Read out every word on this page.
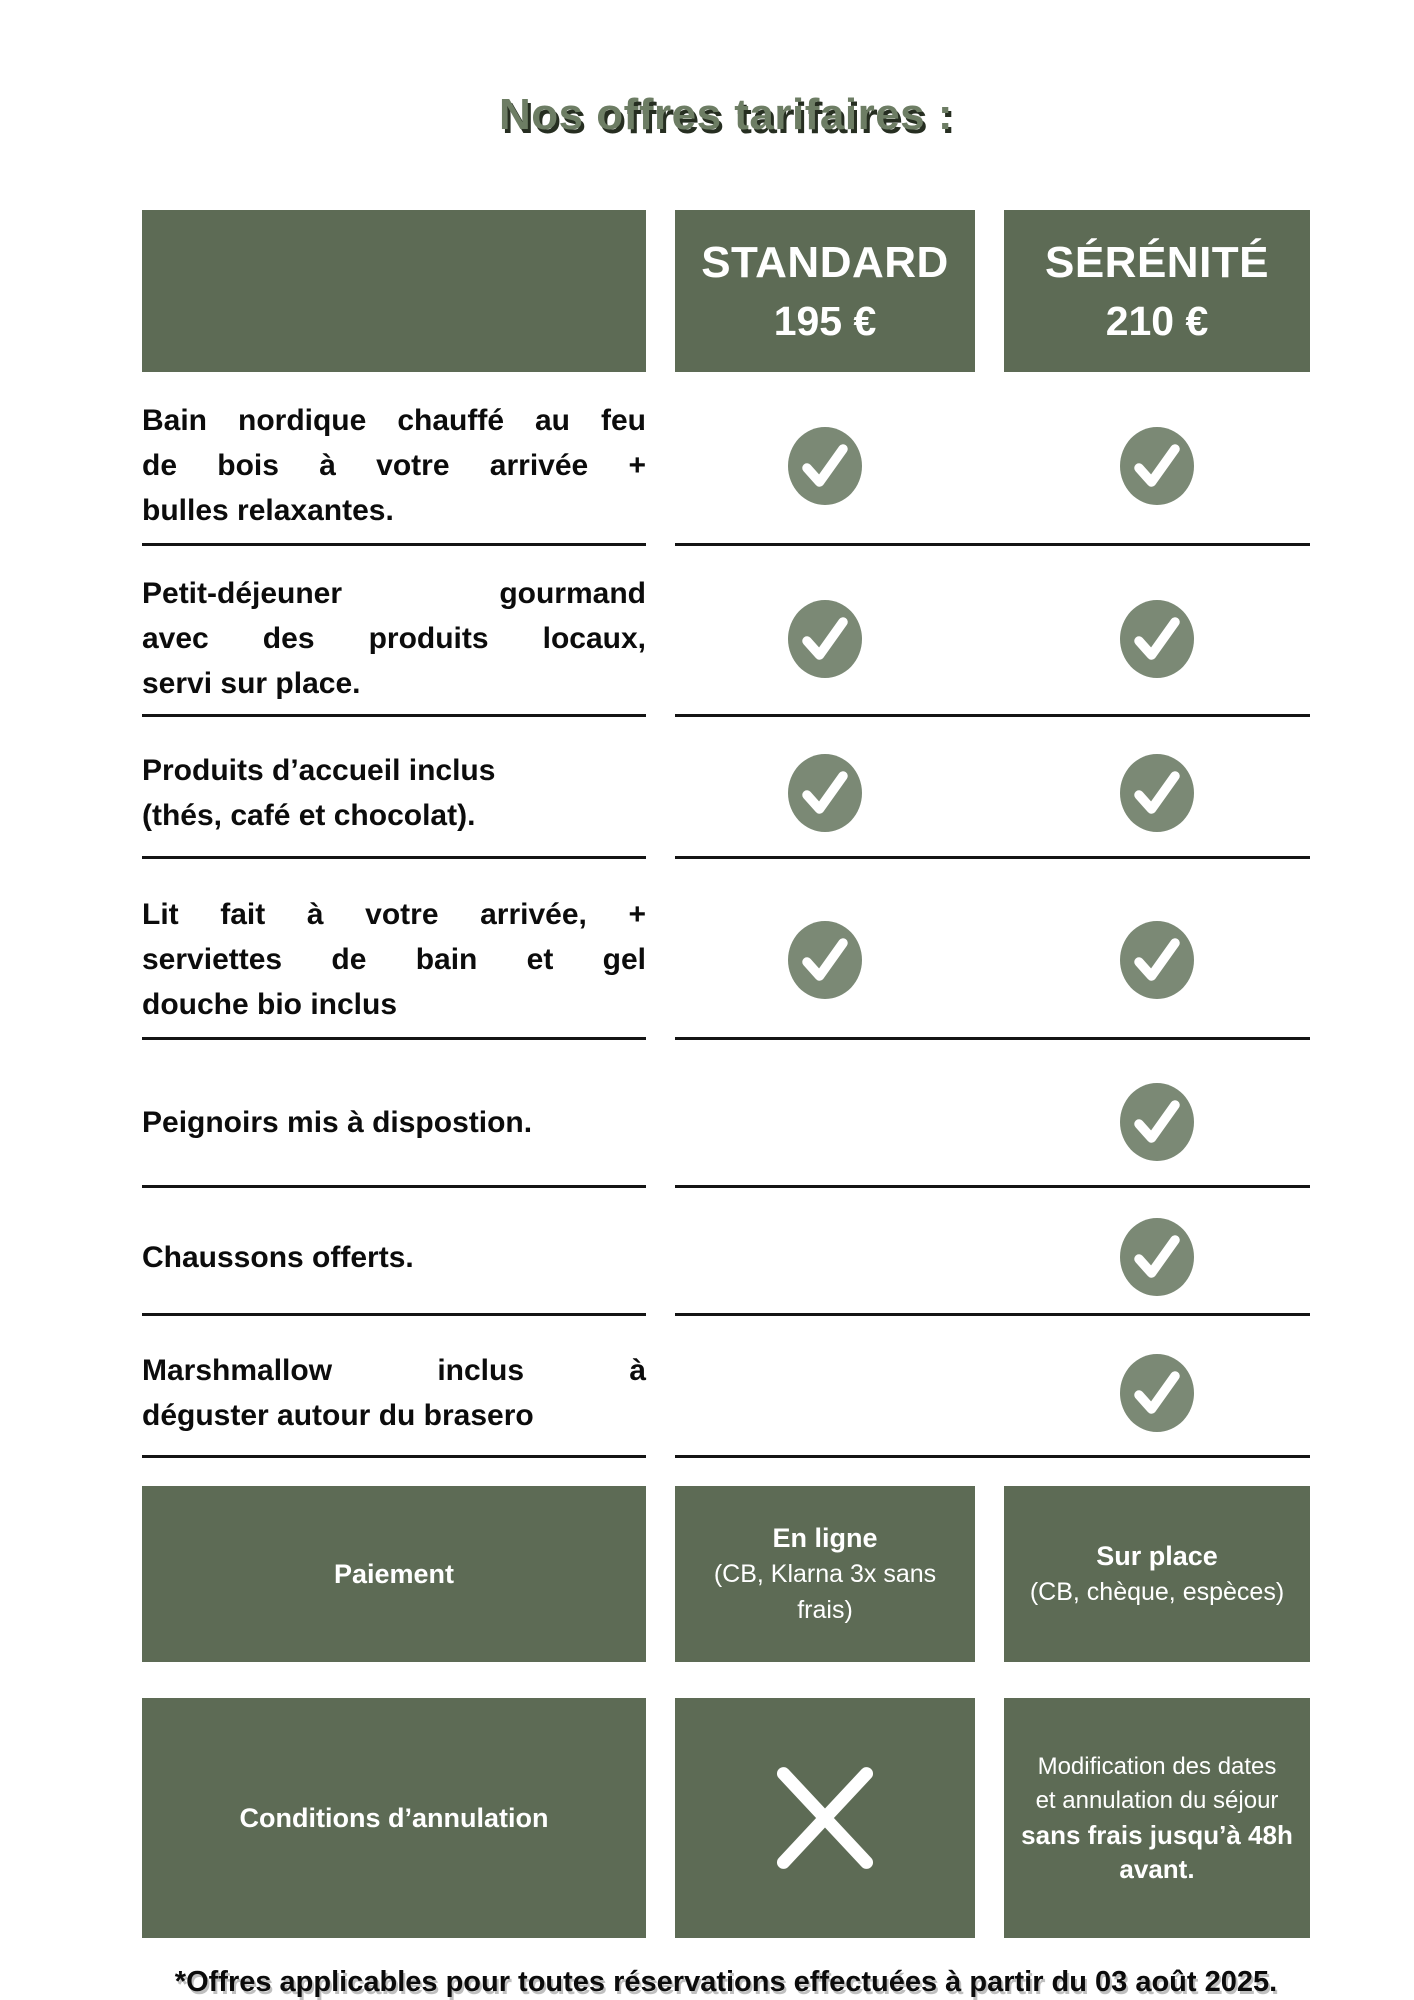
Nos offres tarifaires :
STANDARD
195 €
SÉRÉNITÉ
210 €
Bain nordique chauffé au feu
de bois à votre arrivée +
bulles relaxantes.
Petit-déjeuner gourmand
avec des produits locaux,
servi sur place.
Produits d’accueil inclus
(thés, café et chocolat).
Lit fait à votre arrivée, +
serviettes de bain et gel
douche bio inclus
Peignoirs mis à dispostion.
Chaussons offerts.
Marshmallow inclus à
déguster autour du brasero
Paiement
En ligne
(CB, Klarna 3x sans
frais)
Sur place
(CB, chèque, espèces)
Conditions d’annulation
Modification des dates
et annulation du séjour
sans frais jusqu’à 48h
avant.
*Offres applicables pour toutes réservations effectuées à partir du 03 août 2025.
